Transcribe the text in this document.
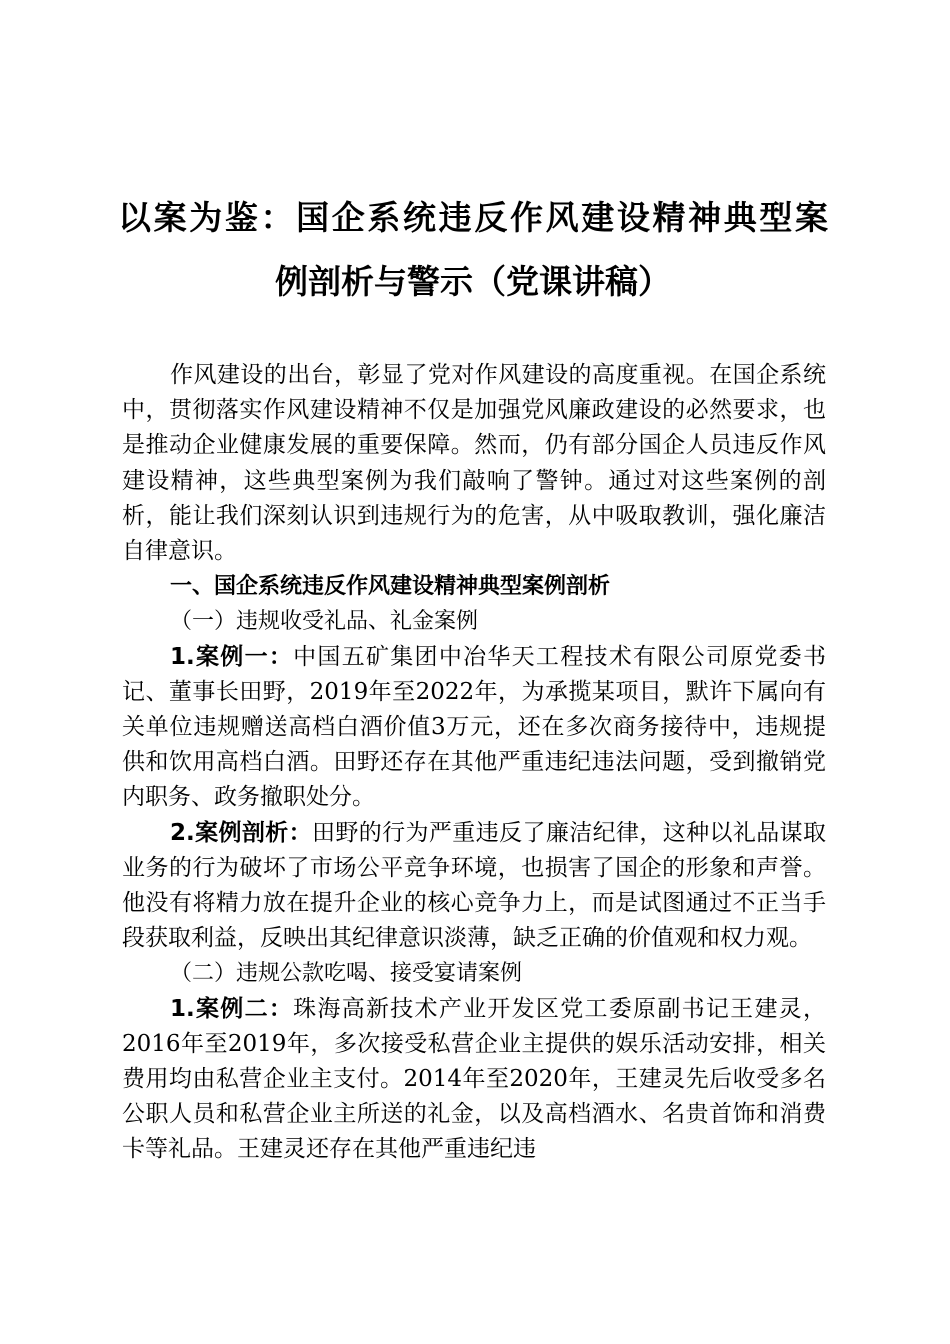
以案为鉴：国企系统违反作风建设精神典型案
例剖析与警示（党课讲稿）

作风建设的出台，彰显了党对作风建设的高度重视。在国企系统中，贯彻落实作风建设精神不仅是加强党风廉政建设的必然要求，也是推动企业健康发展的重要保障。然而，仍有部分国企人员违反作风建设精神，这些典型案例为我们敲响了警钟。通过对这些案例的剖析，能让我们深刻认识到违规行为的危害，从中吸取教训，强化廉洁自律意识。

一、国企系统违反作风建设精神典型案例剖析

（一）违规收受礼品、礼金案例

1.案例一：中国五矿集团中冶华天工程技术有限公司原党委书记、董事长田野，2019年至2022年，为承揽某项目，默许下属向有关单位违规赠送高档白酒价值3万元，还在多次商务接待中，违规提供和饮用高档白酒。田野还存在其他严重违纪违法问题，受到撤销党内职务、政务撤职处分。

2.案例剖析：田野的行为严重违反了廉洁纪律，这种以礼品谋取业务的行为破坏了市场公平竞争环境，也损害了国企的形象和声誉。他没有将精力放在提升企业的核心竞争力上，而是试图通过不正当手段获取利益，反映出其纪律意识淡薄，缺乏正确的价值观和权力观。

（二）违规公款吃喝、接受宴请案例

1.案例二：珠海高新技术产业开发区党工委原副书记王建灵，2016年至2019年，多次接受私营企业主提供的娱乐活动安排，相关费用均由私营企业主支付。2014年至2020年，王建灵先后收受多名公职人员和私营企业主所送的礼金，以及高档酒水、名贵首饰和消费卡等礼品。王建灵还存在其他严重违纪违
